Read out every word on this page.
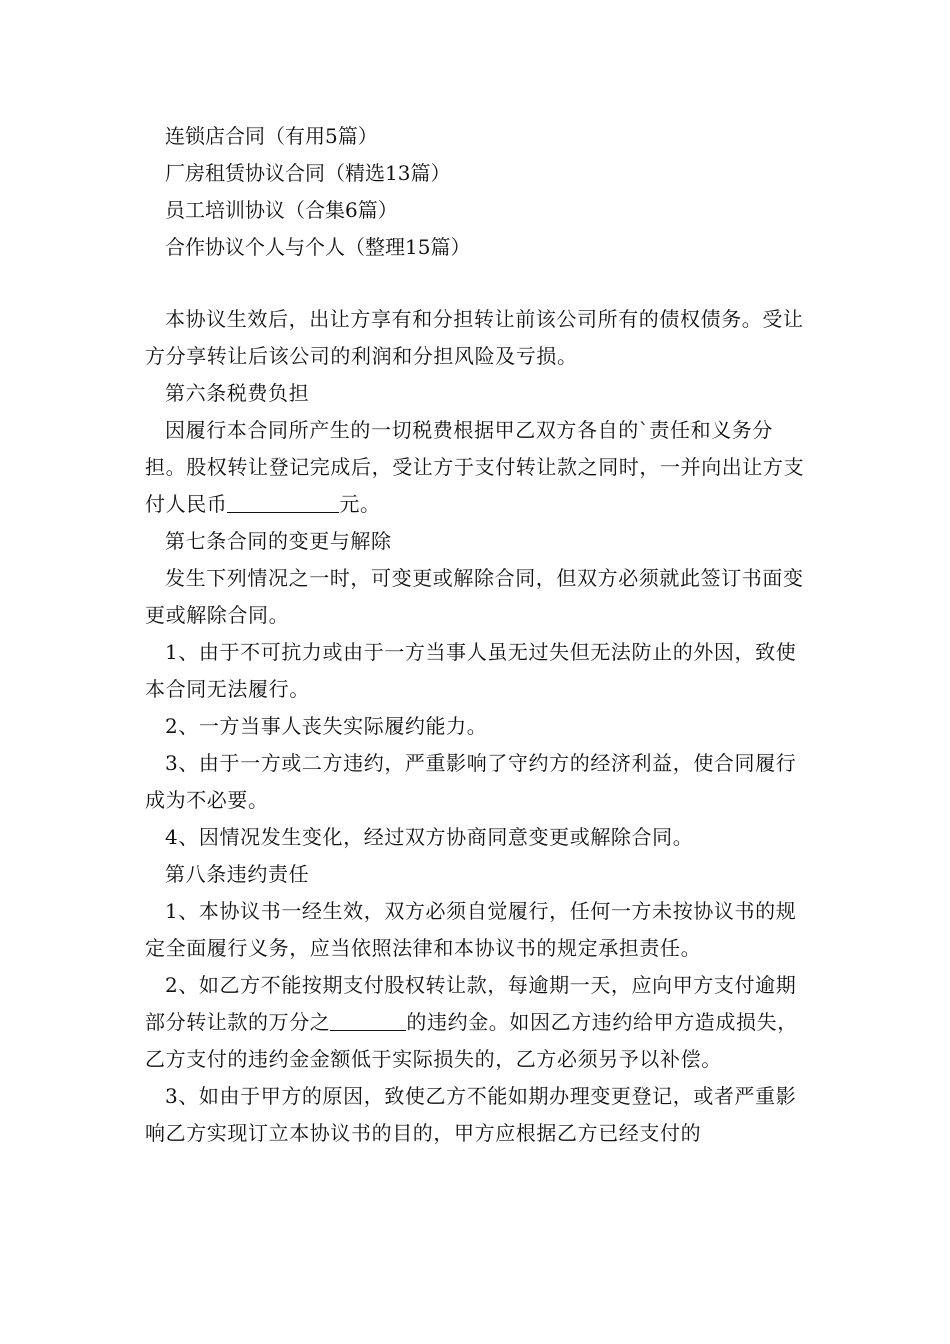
连锁店合同（有用5篇）
厂房租赁协议合同（精选13篇）
员工培训协议（合集6篇）
合作协议个人与个人（整理15篇）

本协议生效后，出让方享有和分担转让前该公司所有的债权债务。受让方分享转让后该公司的利润和分担风险及亏损。

第六条税费负担

因履行本合同所产生的一切税费根据甲乙双方各自的`责任和义务分担。股权转让登记完成后，受让方于支付转让款之同时，一并向出让方支付人民币	元。

第七条合同的变更与解除

发生下列情况之一时，可变更或解除合同，但双方必须就此签订书面变更或解除合同。

1、由于不可抗力或由于一方当事人虽无过失但无法防止的外因，致使本合同无法履行。

2、一方当事人丧失实际履约能力。

3、由于一方或二方违约，严重影响了守约方的经济利益，使合同履行成为不必要。

4、因情况发生变化，经过双方协商同意变更或解除合同。

第八条违约责任

1、本协议书一经生效，双方必须自觉履行，任何一方未按协议书的规定全面履行义务，应当依照法律和本协议书的规定承担责任。

2、如乙方不能按期支付股权转让款，每逾期一天，应向甲方支付逾期部分转让款的万分之	的违约金。如因乙方违约给甲方造成损失，乙方支付的违约金金额低于实际损失的，乙方必须另予以补偿。

3、如由于甲方的原因，致使乙方不能如期办理变更登记，或者严重影响乙方实现订立本协议书的目的，甲方应根据乙方已经支付的
